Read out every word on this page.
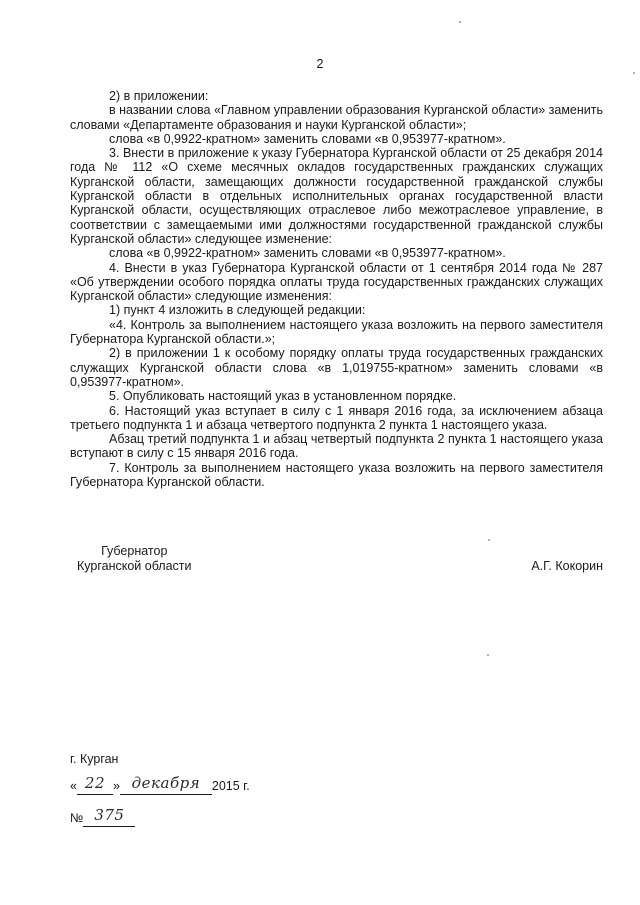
2

2) в приложении:

в названии слова «Главном управлении образования Курганской области» заменить словами «Департаменте образования и науки Курганской области»;

слова «в 0,9922-кратном» заменить словами «в 0,953977-кратном».

3. Внести в приложение к указу Губернатора Курганской области от 25 декабря 2014 года № 112 «О схеме месячных окладов государственных гражданских служащих Курганской области, замещающих должности государственной гражданской службы Курганской области в отдельных исполнительных органах государственной власти Курганской области, осуществляющих отраслевое либо межотраслевое управление, в соответствии с замещаемыми ими должностями государственной гражданской службы Курганской области» следующее изменение:

слова «в 0,9922-кратном» заменить словами «в 0,953977-кратном».

4. Внести в указ Губернатора Курганской области от 1 сентября 2014 года № 287 «Об утверждении особого порядка оплаты труда государственных гражданских служащих Курганской области» следующие изменения:

1) пункт 4 изложить в следующей редакции:

«4. Контроль за выполнением настоящего указа возложить на первого заместителя Губернатора Курганской области.»;

2) в приложении 1 к особому порядку оплаты труда государственных гражданских служащих Курганской области слова «в 1,019755-кратном» заменить словами «в 0,953977-кратном».

5. Опубликовать настоящий указ в установленном порядке.

6. Настоящий указ вступает в силу с 1 января 2016 года, за исключением абзаца третьего подпункта 1 и абзаца четвертого подпункта 2 пункта 1 настоящего указа.

Абзац третий подпункта 1 и абзац четвертый подпункта 2 пункта 1 настоящего указа вступают в силу с 15 января 2016 года.

7. Контроль за выполнением настоящего указа возложить на первого заместителя Губернатора Курганской области.

Губернатор
Курганской области	А.Г. Кокорин
г. Курган
« 22 » декабря 2015 г.
№ 375
